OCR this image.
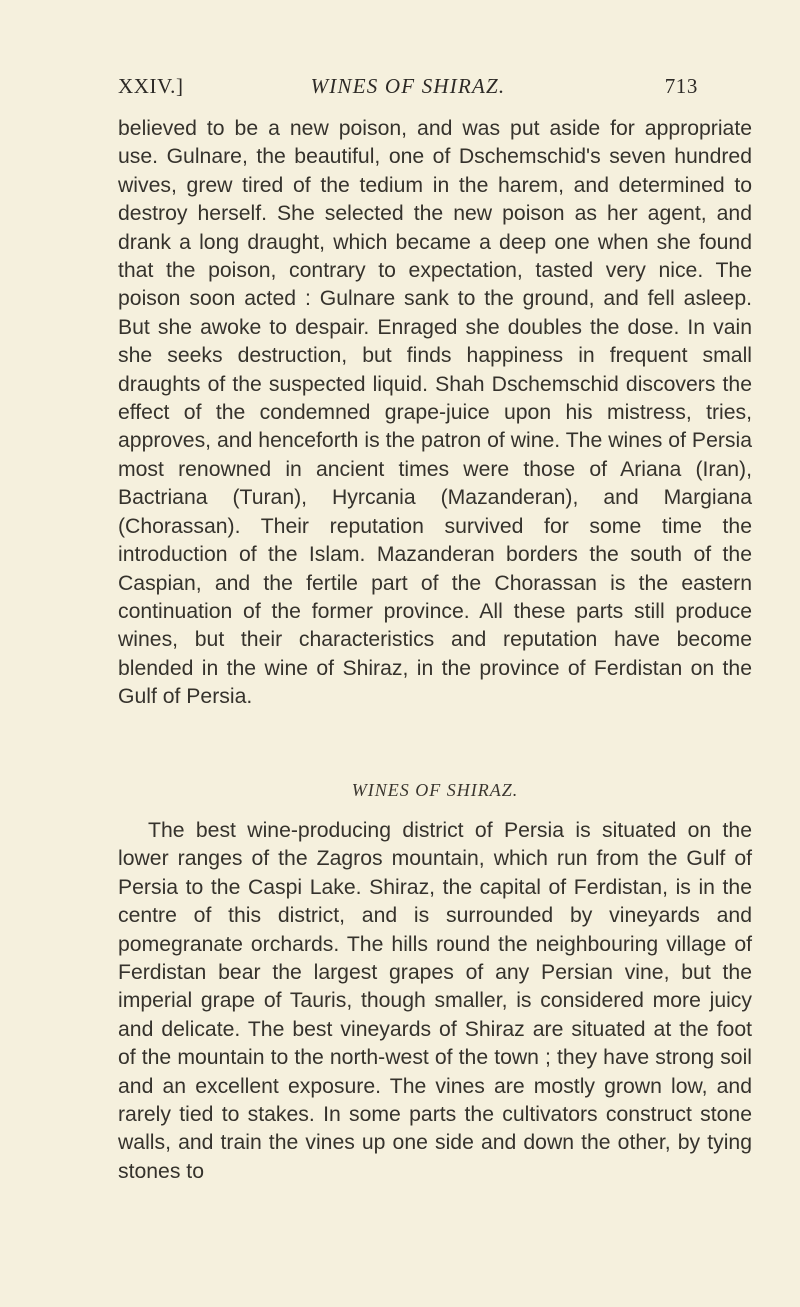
XXIV.]	WINES OF SHIRAZ.	713

believed to be a new poison, and was put aside for appropriate use. Gulnare, the beautiful, one of Dschemschid's seven hundred wives, grew tired of the tedium in the harem, and determined to destroy herself. She selected the new poison as her agent, and drank a long draught, which became a deep one when she found that the poison, contrary to expectation, tasted very nice. The poison soon acted : Gulnare sank to the ground, and fell asleep. But she awoke to despair. Enraged she doubles the dose. In vain she seeks destruction, but finds happiness in frequent small draughts of the suspected liquid. Shah Dschemschid discovers the effect of the condemned grape-juice upon his mistress, tries, approves, and henceforth is the patron of wine. The wines of Persia most renowned in ancient times were those of Ariana (Iran), Bactriana (Turan), Hyrcania (Mazanderan), and Margiana (Chorassan). Their reputation survived for some time the introduction of the Islam. Mazanderan borders the south of the Caspian, and the fertile part of the Chorassan is the eastern continuation of the former province. All these parts still produce wines, but their characteristics and reputation have become blended in the wine of Shiraz, in the province of Ferdistan on the Gulf of Persia.

WINES OF SHIRAZ.

The best wine-producing district of Persia is situated on the lower ranges of the Zagros mountain, which run from the Gulf of Persia to the Caspi Lake. Shiraz, the capital of Ferdistan, is in the centre of this district, and is surrounded by vineyards and pomegranate orchards. The hills round the neighbouring village of Ferdistan bear the largest grapes of any Persian vine, but the imperial grape of Tauris, though smaller, is considered more juicy and delicate. The best vineyards of Shiraz are situated at the foot of the mountain to the north-west of the town ; they have strong soil and an excellent exposure. The vines are mostly grown low, and rarely tied to stakes. In some parts the cultivators construct stone walls, and train the vines up one side and down the other, by tying stones to
